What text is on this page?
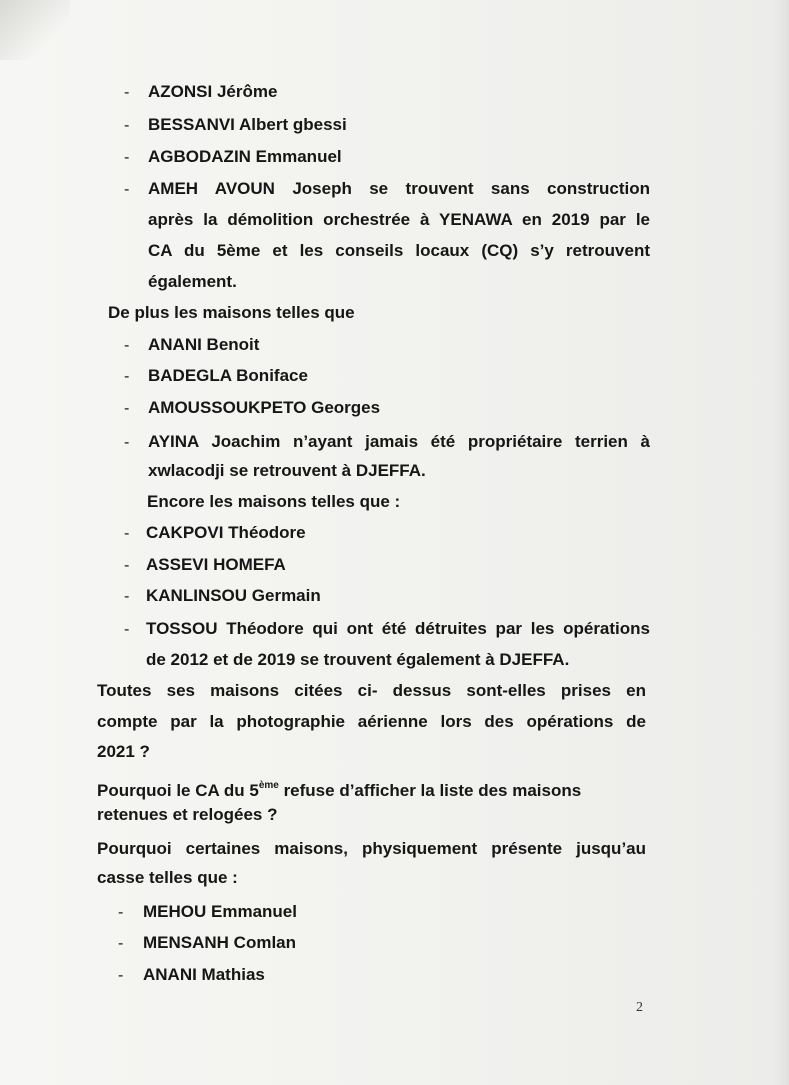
- AZONSI Jérôme
- BESSANVI Albert gbessi
- AGBODAZIN Emmanuel
- AMEH AVOUN Joseph se trouvent sans construction
après la démolition orchestrée à YENAWA en 2019 par le
CA du 5ème et les conseils locaux (CQ) s’y retrouvent
également.
De plus les maisons telles que
- ANANI Benoit
- BADEGLA Boniface
- AMOUSSOUKPETO Georges
- AYINA Joachim n’ayant jamais été propriétaire terrien à
xwlacodji se retrouvent à DJEFFA.
Encore les maisons telles que :
- CAKPOVI Théodore
- ASSEVI HOMEFA
- KANLINSOU Germain
- TOSSOU Théodore qui ont été détruites par les opérations
de 2012 et de 2019 se trouvent également à DJEFFA.
Toutes ses maisons citées ci- dessus sont-elles prises en
compte par la photographie aérienne lors des opérations de
2021 ?
Pourquoi le CA du 5ème refuse d’afficher la liste des maisons
retenues et relogées ?
Pourquoi certaines maisons, physiquement présente jusqu’au
casse telles que :
- MEHOU Emmanuel
- MENSANH Comlan
- ANANI Mathias
2
